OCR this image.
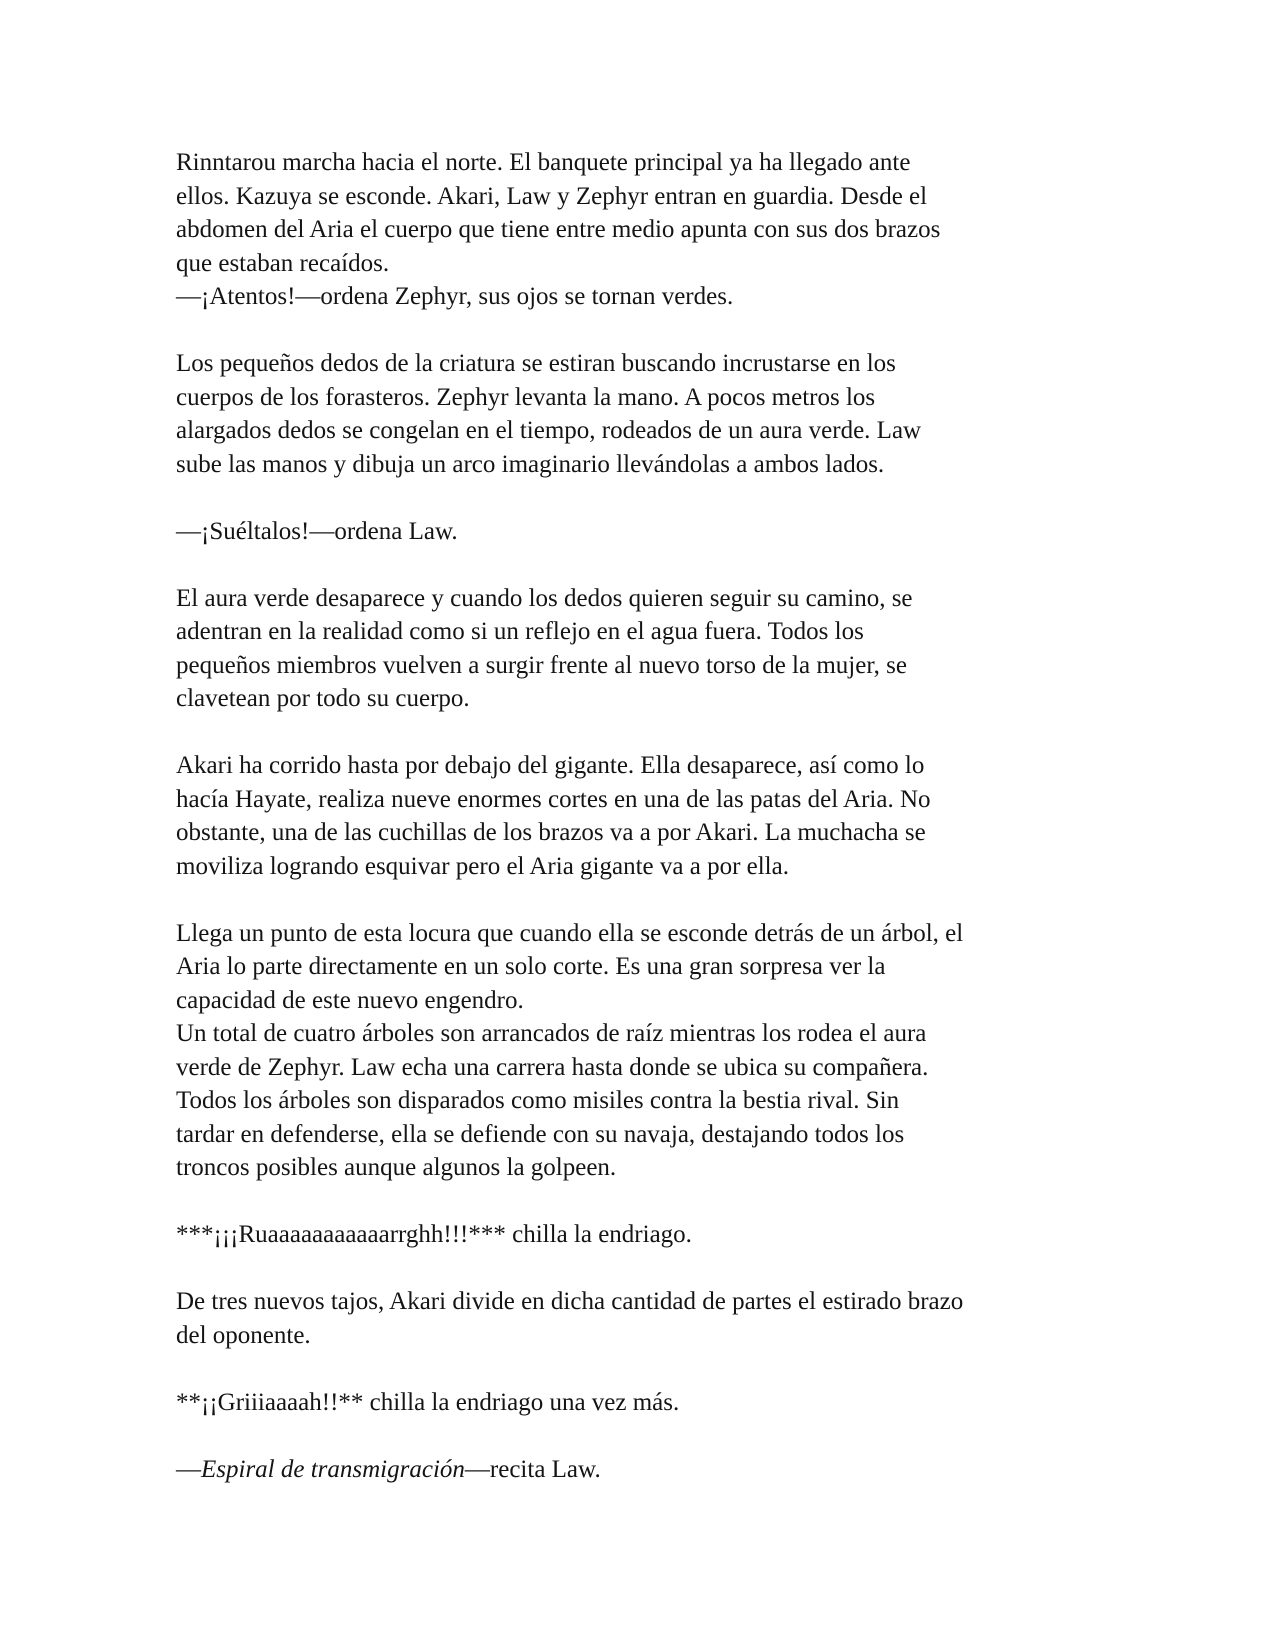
Rinntarou marcha hacia el norte. El banquete principal ya ha llegado ante
ellos. Kazuya se esconde. Akari, Law y Zephyr entran en guardia. Desde el
abdomen del Aria el cuerpo que tiene entre medio apunta con sus dos brazos
que estaban recaídos.

—¡Atentos!—ordena Zephyr, sus ojos se tornan verdes.

Los pequeños dedos de la criatura se estiran buscando incrustarse en los
cuerpos de los forasteros. Zephyr levanta la mano. A pocos metros los
alargados dedos se congelan en el tiempo, rodeados de un aura verde. Law
sube las manos y dibuja un arco imaginario llevándolas a ambos lados.

—¡Suéltalos!—ordena Law.

El aura verde desaparece y cuando los dedos quieren seguir su camino, se
adentran en la realidad como si un reflejo en el agua fuera. Todos los
pequeños miembros vuelven a surgir frente al nuevo torso de la mujer, se
clavetean por todo su cuerpo.

Akari ha corrido hasta por debajo del gigante. Ella desaparece, así como lo
hacía Hayate, realiza nueve enormes cortes en una de las patas del Aria. No
obstante, una de las cuchillas de los brazos va a por Akari. La muchacha se
moviliza logrando esquivar pero el Aria gigante va a por ella.

Llega un punto de esta locura que cuando ella se esconde detrás de un árbol, el
Aria lo parte directamente en un solo corte. Es una gran sorpresa ver la
capacidad de este nuevo engendro.

Un total de cuatro árboles son arrancados de raíz mientras los rodea el aura
verde de Zephyr. Law echa una carrera hasta donde se ubica su compañera.
Todos los árboles son disparados como misiles contra la bestia rival. Sin
tardar en defenderse, ella se defiende con su navaja, destajando todos los
troncos posibles aunque algunos la golpeen.

***¡¡¡Ruaaaaaaaaaaarrghh!!!*** chilla la endriago.

De tres nuevos tajos, Akari divide en dicha cantidad de partes el estirado brazo
del oponente.

**¡¡Griiiaaaah!!** chilla la endriago una vez más.

—Espiral de transmigración—recita Law.
